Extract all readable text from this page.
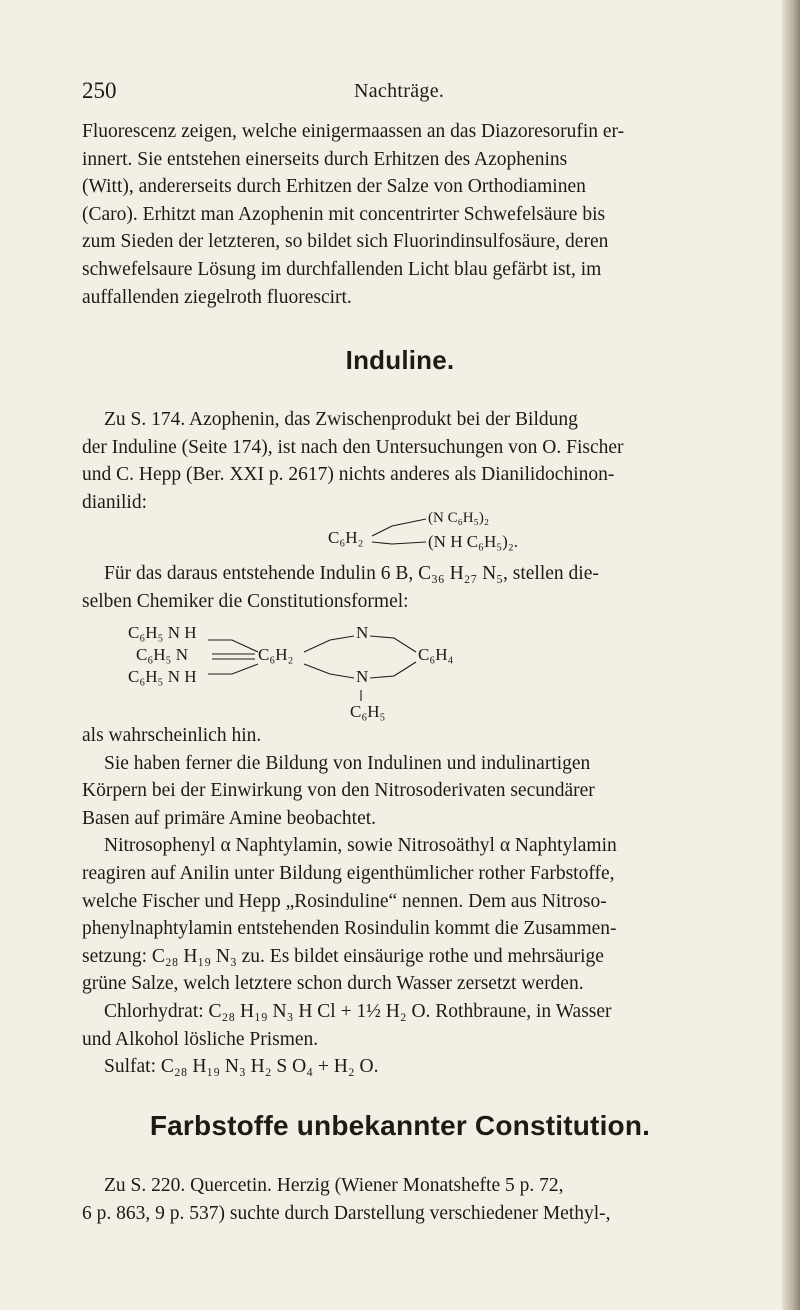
250	Nachträge.
Fluorescenz zeigen, welche einigermaassen an das Diazoresorufin er-
innert. Sie entstehen einerseits durch Erhitzen des Azophenins
(Witt), andererseits durch Erhitzen der Salze von Orthodiaminen
(Caro). Erhitzt man Azophenin mit concentrirter Schwefelsäure bis
zum Sieden der letzteren, so bildet sich Fluorindinsulfosäure, deren
schwefelsaure Lösung im durchfallenden Licht blau gefärbt ist, im
auffallenden ziegelroth fluorescirt.
Induline.
Zu S. 174. Azophenin, das Zwischenprodukt bei der Bildung
der Induline (Seite 174), ist nach den Untersuchungen von O. Fischer
und C. Hepp (Ber. XXI p. 2617) nichts anderes als Dianilidochinon-
dianilid:
C₆H₂
(N C₆H₅)₂
(N H C₆H₅)₂.
Für das daraus entstehende Indulin 6 B, C₃₆ H₂₇ N₅, stellen die-
selben Chemiker die Constitutionsformel:
C₆H₅ N H
C₆H₅ N	C₆H₂
C₆H₅ N H
N
N
C₆H₄
C₆H₅
als wahrscheinlich hin.
Sie haben ferner die Bildung von Indulinen und indulinartigen
Körpern bei der Einwirkung von den Nitrosoderivaten secundärer
Basen auf primäre Amine beobachtet.
Nitrosophenyl α Naphtylamin, sowie Nitrosoäthyl α Naphtylamin
reagiren auf Anilin unter Bildung eigenthümlicher rother Farbstoffe,
welche Fischer und Hepp „Rosinduline“ nennen. Dem aus Nitroso-
phenylnaphtylamin entstehenden Rosindulin kommt die Zusammen-
setzung: C₂₈ H₁₉ N₃ zu. Es bildet einsäurige rothe und mehrsäurige
grüne Salze, welch letztere schon durch Wasser zersetzt werden.
Chlorhydrat: C₂₈ H₁₉ N₃ H Cl + 1½ H₂ O. Rothbraune, in Wasser
und Alkohol lösliche Prismen.
Sulfat: C₂₈ H₁₉ N₃ H₂ S O₄ + H₂ O.
Farbstoffe unbekannter Constitution.
Zu S. 220. Quercetin. Herzig (Wiener Monatshefte 5 p. 72,
6 p. 863, 9 p. 537) suchte durch Darstellung verschiedener Methyl-,
